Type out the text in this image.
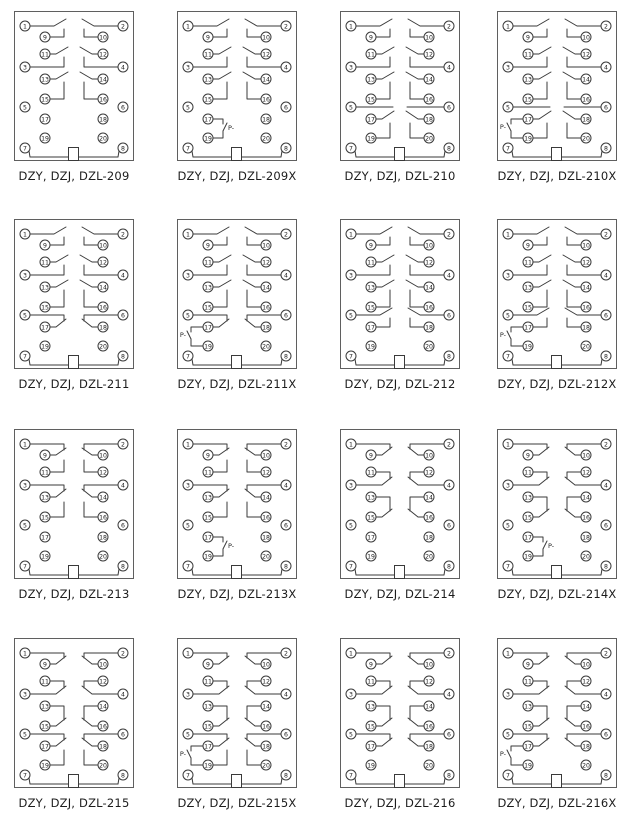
1	2
3	4
5	6
7	8
9	10
11	12
13	14
15	16
17	18
19	20
DZY, DZJ, DZL-209
P-
1	2
3	4
5	6
7	8
9	10
11	12
13	14
15	16
17	18
19	20
DZY, DZJ, DZL-209X
1	2
3	4
5	6
7	8
9	10
11	12
13	14
15	16
17	18
19	20
DZY, DZJ, DZL-210
P-
1	2
3	4
5	6
7	8
9	10
11	12
13	14
15	16
17	18
19	20
DZY, DZJ, DZL-210X
1	2
3	4
5	6
7	8
9	10
11	12
13	14
15	16
17	18
19	20
DZY, DZJ, DZL-211
P-
1	2
3	4
5	6
7	8
9	10
11	12
13	14
15	16
17	18
19	20
DZY, DZJ, DZL-211X
1	2
3	4
5	6
7	8
9	10
11	12
13	14
15	16
17	18
19	20
DZY, DZJ, DZL-212
P-
1	2
3	4
5	6
7	8
9	10
11	12
13	14
15	16
17	18
19	20
DZY, DZJ, DZL-212X
1	2
3	4
5	6
7	8
9	10
11	12
13	14
15	16
17	18
19	20
DZY, DZJ, DZL-213
P-
1	2
3	4
5	6
7	8
9	10
11	12
13	14
15	16
17	18
19	20
DZY, DZJ, DZL-213X
1	2
3	4
5	6
7	8
9	10
11	12
13	14
15	16
17	18
19	20
DZY, DZJ, DZL-214
P-
1	2
3	4
5	6
7	8
9	10
11	12
13	14
15	16
17	18
19	20
DZY, DZJ, DZL-214X
1	2
3	4
5	6
7	8
9	10
11	12
13	14
15	16
17	18
19	20
DZY, DZJ, DZL-215
P-
1	2
3	4
5	6
7	8
9	10
11	12
13	14
15	16
17	18
19	20
DZY, DZJ, DZL-215X
1	2
3	4
5	6
7	8
9	10
11	12
13	14
15	16
17	18
19	20
DZY, DZJ, DZL-216
P-
1	2
3	4
5	6
7	8
9	10
11	12
13	14
15	16
17	18
19	20
DZY, DZJ, DZL-216X
